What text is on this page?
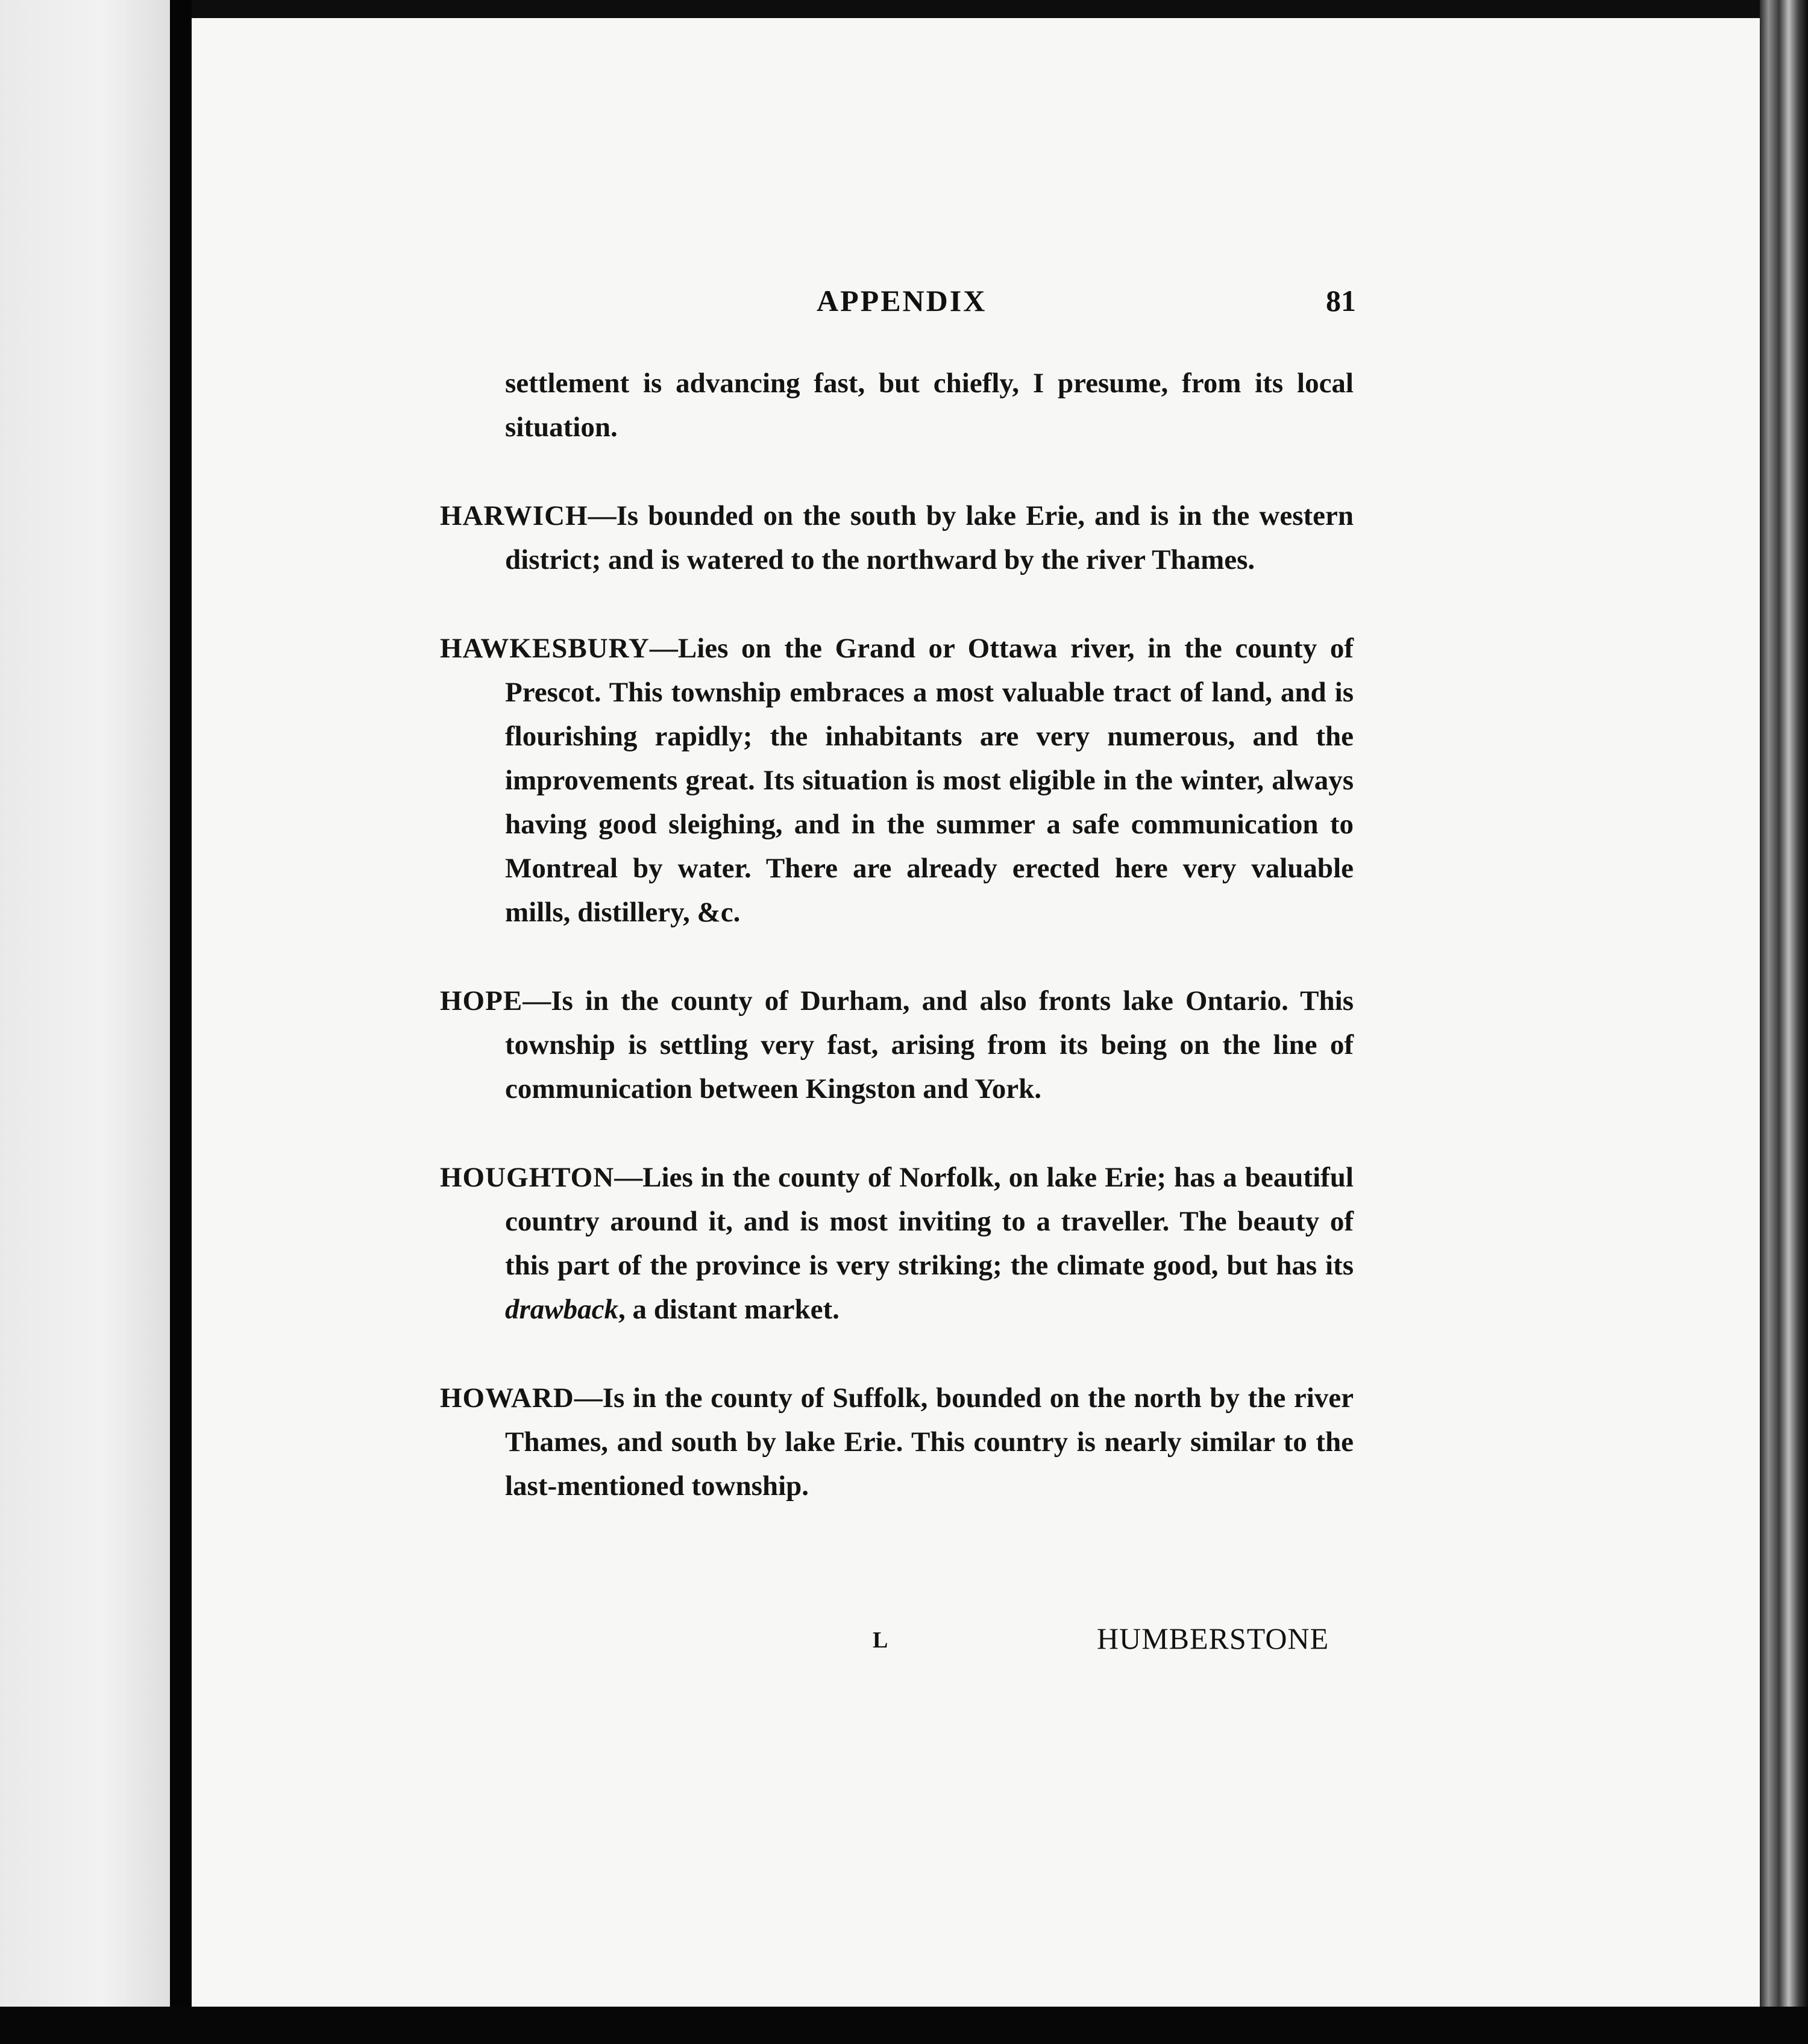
APPENDIX	81

settlement is advancing fast, but chiefly, I presume, from its local situation.

HARWICH—Is bounded on the south by lake Erie, and is in the western district; and is watered to the northward by the river Thames.

HAWKESBURY—Lies on the Grand or Ottawa river, in the county of Prescot. This township embraces a most valuable tract of land, and is flourishing rapidly; the inhabitants are very numerous, and the improvements great. Its situation is most eligible in the winter, always having good sleighing, and in the summer a safe communication to Montreal by water. There are already erected here very valuable mills, distillery, &c.

HOPE—Is in the county of Durham, and also fronts lake Ontario. This township is settling very fast, arising from its being on the line of communication between Kingston and York.

HOUGHTON—Lies in the county of Norfolk, on lake Erie; has a beautiful country around it, and is most inviting to a traveller. The beauty of this part of the province is very striking; the climate good, but has its drawback, a distant market.

HOWARD—Is in the county of Suffolk, bounded on the north by the river Thames, and south by lake Erie. This country is nearly similar to the last-mentioned township.

L	HUMBERSTONE
